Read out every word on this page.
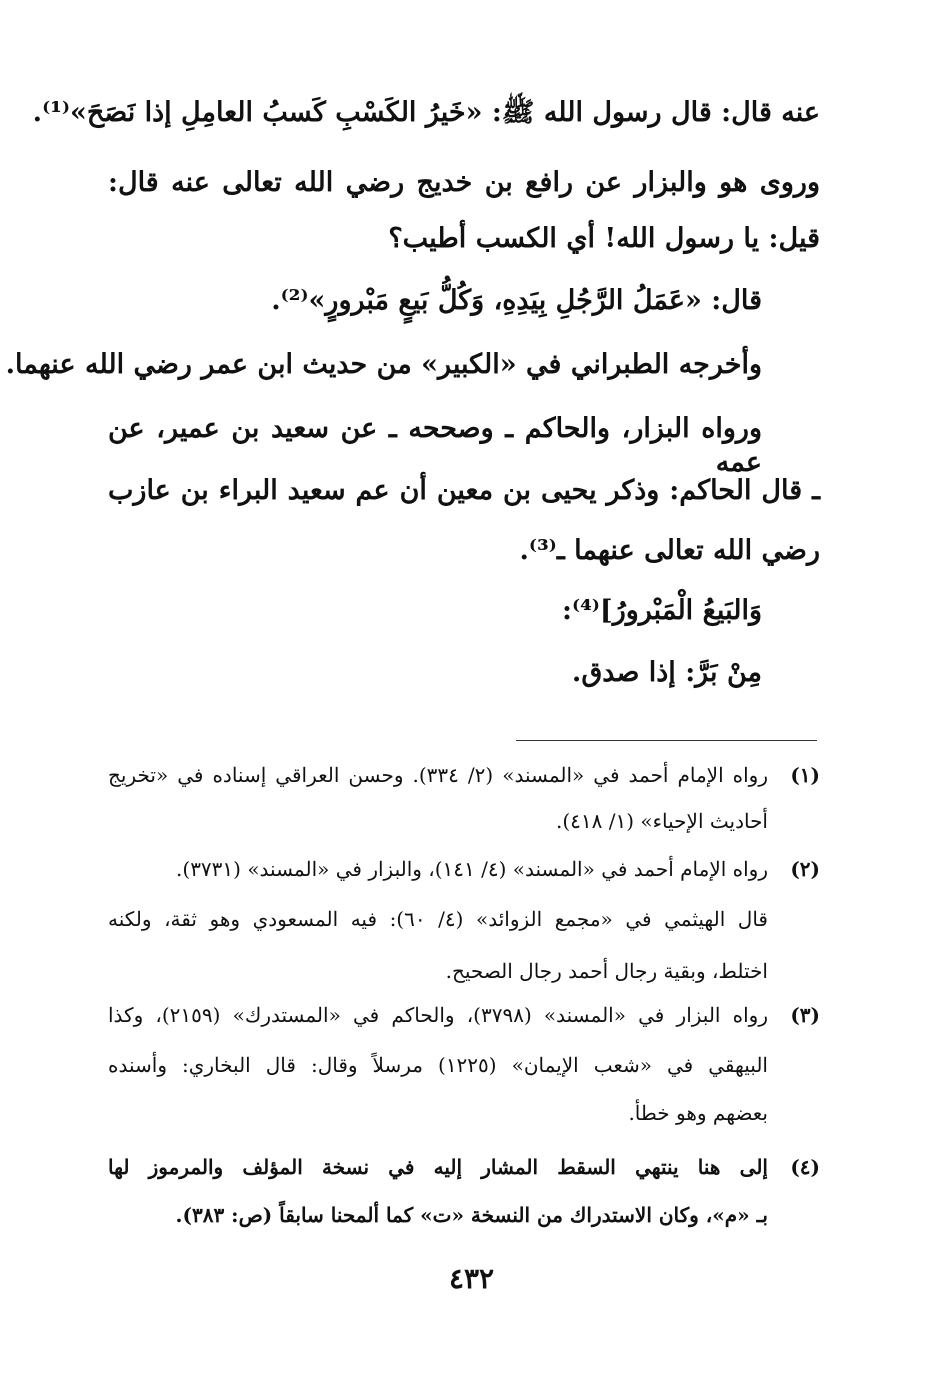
عنه قال: قال رسول الله ﷺ: «خَيرُ الكَسْبِ كَسبُ العامِلِ إذا نَصَحَ»⁽¹⁾.
وروى هو والبزار عن رافع بن خديج رضي الله تعالى عنه قال:
قيل: يا رسول الله! أي الكسب أطيب؟
قال: «عَمَلُ الرَّجُلِ بِيَدِهِ، وَكُلُّ بَيعٍ مَبْرورٍ»⁽²⁾.
وأخرجه الطبراني في «الكبير» من حديث ابن عمر رضي الله عنهما.
ورواه البزار، والحاكم ـ وصححه ـ عن سعيد بن عمير، عن عمه
ـ قال الحاكم: وذكر يحيى بن معين أن عم سعيد البراء بن عازب
رضي الله تعالى عنهما ـ⁽³⁾.
وَالبَيعُ الْمَبْرورُ]⁽⁴⁾:
مِنْ بَرَّ: إذا صدق.
(١)
رواه الإمام أحمد في «المسند» (٢/ ٣٣٤). وحسن العراقي إسناده في «تخريج
أحاديث الإحياء» (١/ ٤١٨).
(٢)
رواه الإمام أحمد في «المسند» (٤/ ١٤١)، والبزار في «المسند» (٣٧٣١).
قال الهيثمي في «مجمع الزوائد» (٤/ ٦٠): فيه المسعودي وهو ثقة، ولكنه
اختلط، وبقية رجال أحمد رجال الصحيح.
(٣)
رواه البزار في «المسند» (٣٧٩٨)، والحاكم في «المستدرك» (٢١٥٩)، وكذا
البيهقي في «شعب الإيمان» (١٢٢٥) مرسلاً وقال: قال البخاري: وأسنده
بعضهم وهو خطأ.
(٤)
إلى هنا ينتهي السقط المشار إليه في نسخة المؤلف والمرموز لها
بـ «م»، وكان الاستدراك من النسخة «ت» كما ألمحنا سابقاً (ص: ٣٨٣).
٤٣٢
